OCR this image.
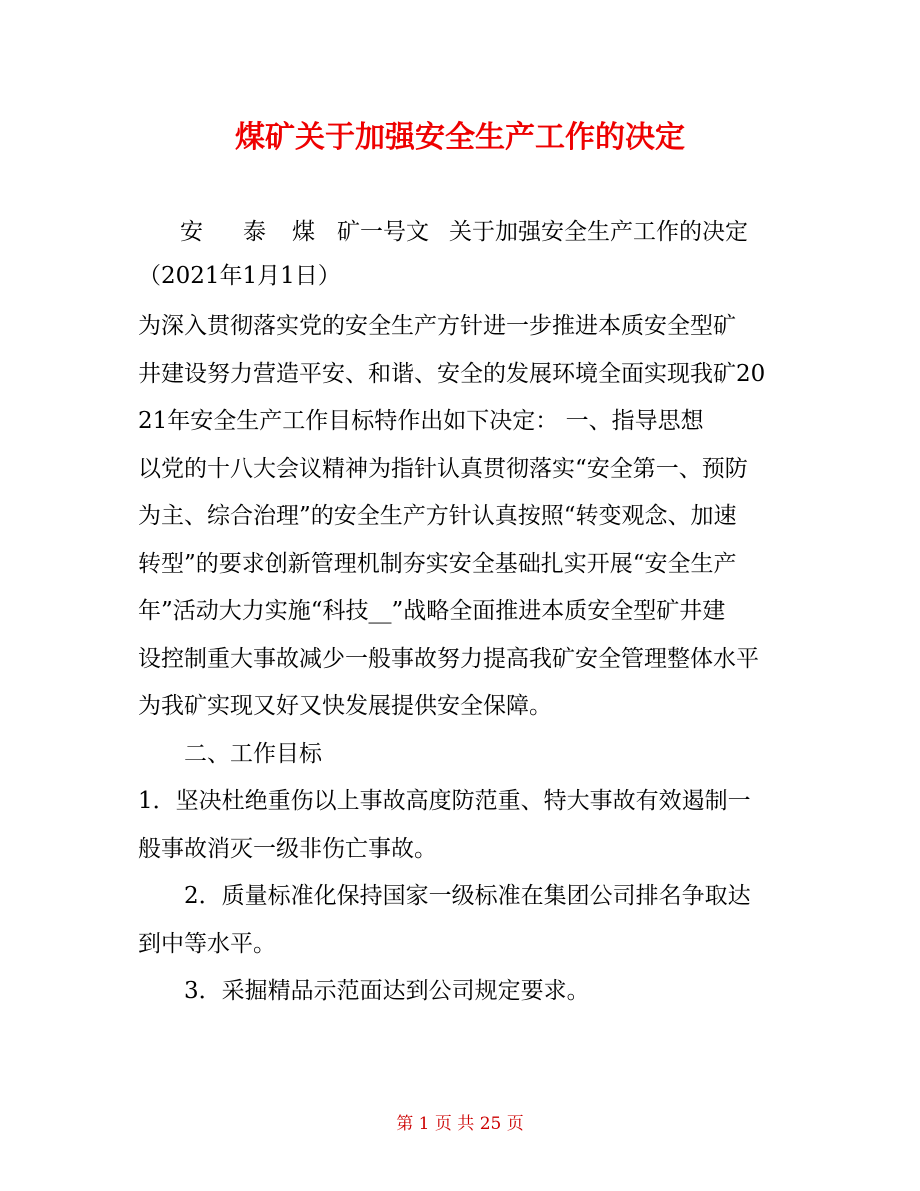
煤矿关于加强安全生产工作的决定
安 泰 煤 矿一号文 关于加强安全生产工作的决定
（2021年1月1日）
为深入贯彻落实党的安全生产方针进一步推进本质安全型矿
井建设努力营造平安、和谐、安全的发展环境全面实现我矿20
21年安全生产工作目标特作出如下决定： 一、指导思想
以党的十八大会议精神为指针认真贯彻落实“安全第一、预防
为主、综合治理”的安全生产方针认真按照“转变观念、加速
转型”的要求创新管理机制夯实安全基础扎实开展“安全生产
年”活动大力实施“科技__”战略全面推进本质安全型矿井建
设控制重大事故减少一般事故努力提高我矿安全管理整体水平
为我矿实现又好又快发展提供安全保障。
二、工作目标
1．坚决杜绝重伤以上事故高度防范重、特大事故有效遏制一
般事故消灭一级非伤亡事故。
2．质量标准化保持国家一级标准在集团公司排名争取达
到中等水平。
3．采掘精品示范面达到公司规定要求。
第 1 页 共 25 页
